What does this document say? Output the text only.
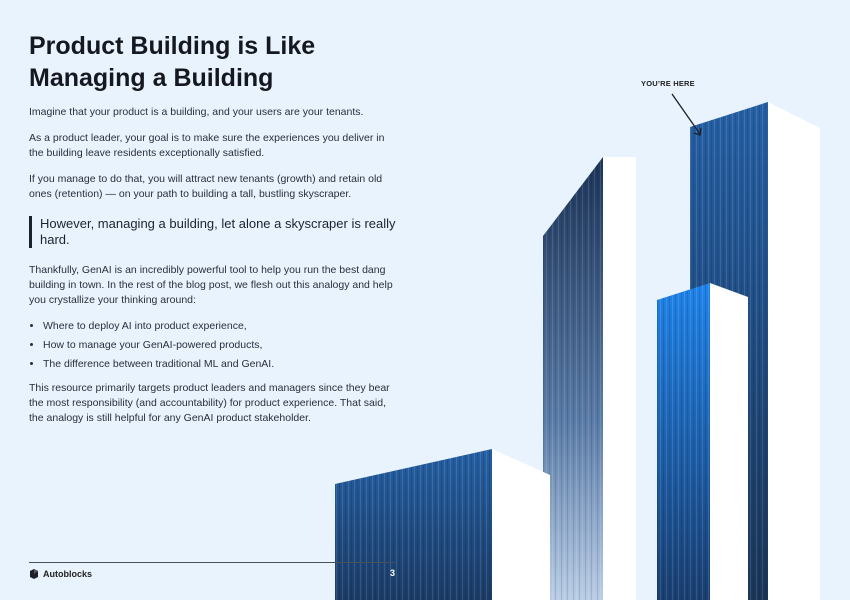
Product Building is Like Managing a Building

Imagine that your product is a building, and your users are your tenants.

As a product leader, your goal is to make sure the experiences you deliver in the building leave residents exceptionally satisfied.

If you manage to do that, you will attract new tenants (growth) and retain old ones (retention) — on your path to building a tall, bustling skyscraper.

However, managing a building, let alone a skyscraper is really hard.

Thankfully, GenAI is an incredibly powerful tool to help you run the best dang building in town. In the rest of the blog post, we flesh out this analogy and help you crystallize your thinking around:

• Where to deploy AI into product experience,
• How to manage your GenAI-powered products,
• The difference between traditional ML and GenAI.

This resource primarily targets product leaders and managers since they bear the most responsibility (and accountability) for product experience. That said, the analogy is still helpful for any GenAI product stakeholder.

YOU’RE HERE
Autoblocks	3
